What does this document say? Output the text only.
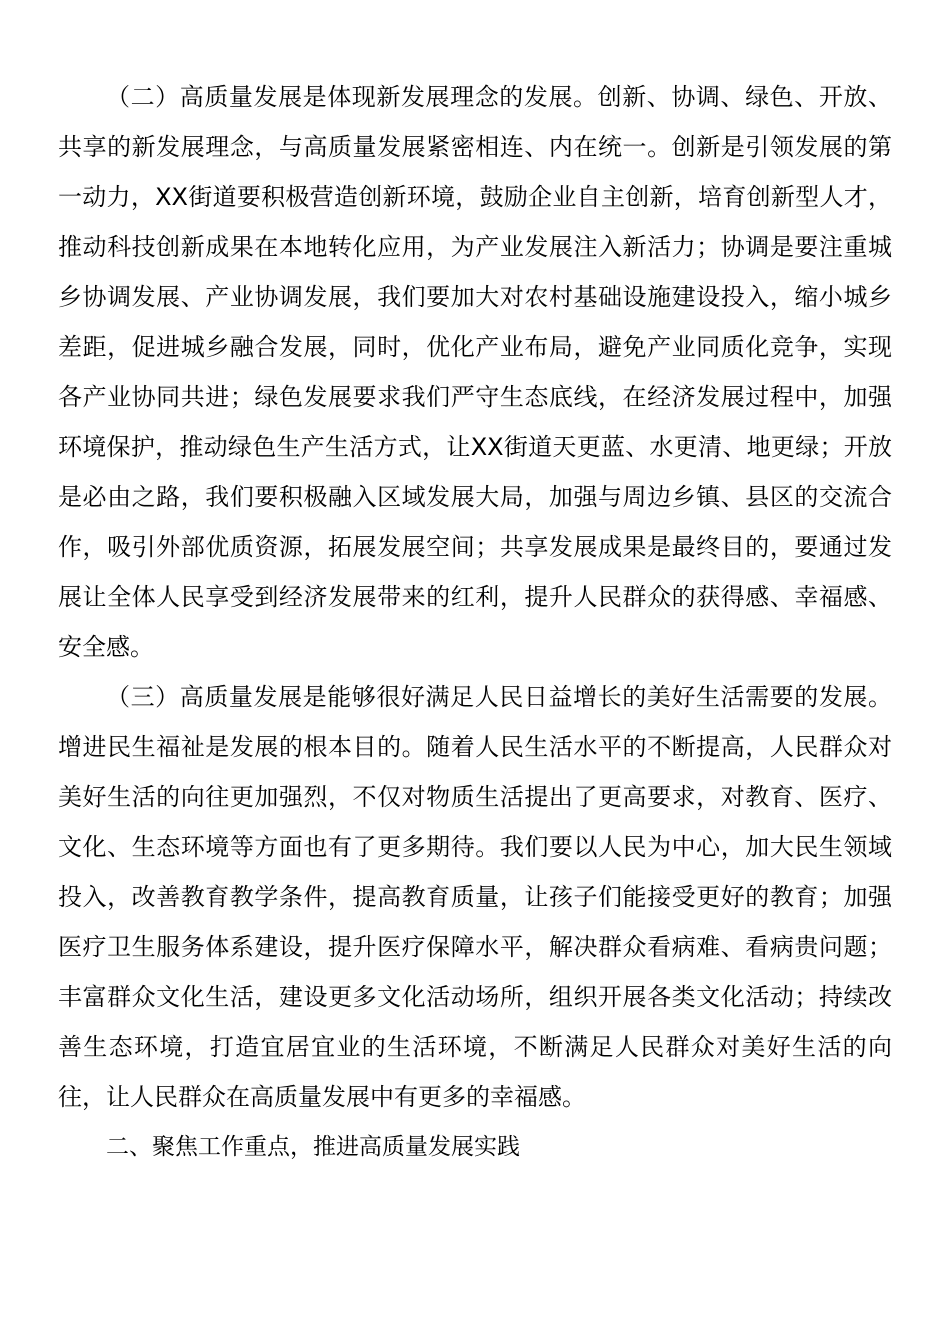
（二）高质量发展是体现新发展理念的发展。创新、协调、绿色、开放、共享的新发展理念，与高质量发展紧密相连、内在统一。创新是引领发展的第一动力，XX街道要积极营造创新环境，鼓励企业自主创新，培育创新型人才，推动科技创新成果在本地转化应用，为产业发展注入新活力；协调是要注重城乡协调发展、产业协调发展，我们要加大对农村基础设施建设投入，缩小城乡差距，促进城乡融合发展，同时，优化产业布局，避免产业同质化竞争，实现各产业协同共进；绿色发展要求我们严守生态底线，在经济发展过程中，加强环境保护，推动绿色生产生活方式，让XX街道天更蓝、水更清、地更绿；开放是必由之路，我们要积极融入区域发展大局，加强与周边乡镇、县区的交流合作，吸引外部优质资源，拓展发展空间；共享发展成果是最终目的，要通过发展让全体人民享受到经济发展带来的红利，提升人民群众的获得感、幸福感、安全感。

（三）高质量发展是能够很好满足人民日益增长的美好生活需要的发展。增进民生福祉是发展的根本目的。随着人民生活水平的不断提高，人民群众对美好生活的向往更加强烈，不仅对物质生活提出了更高要求，对教育、医疗、文化、生态环境等方面也有了更多期待。我们要以人民为中心，加大民生领域投入，改善教育教学条件，提高教育质量，让孩子们能接受更好的教育；加强医疗卫生服务体系建设，提升医疗保障水平，解决群众看病难、看病贵问题；丰富群众文化生活，建设更多文化活动场所，组织开展各类文化活动；持续改善生态环境，打造宜居宜业的生活环境，不断满足人民群众对美好生活的向往，让人民群众在高质量发展中有更多的幸福感。

二、聚焦工作重点，推进高质量发展实践
